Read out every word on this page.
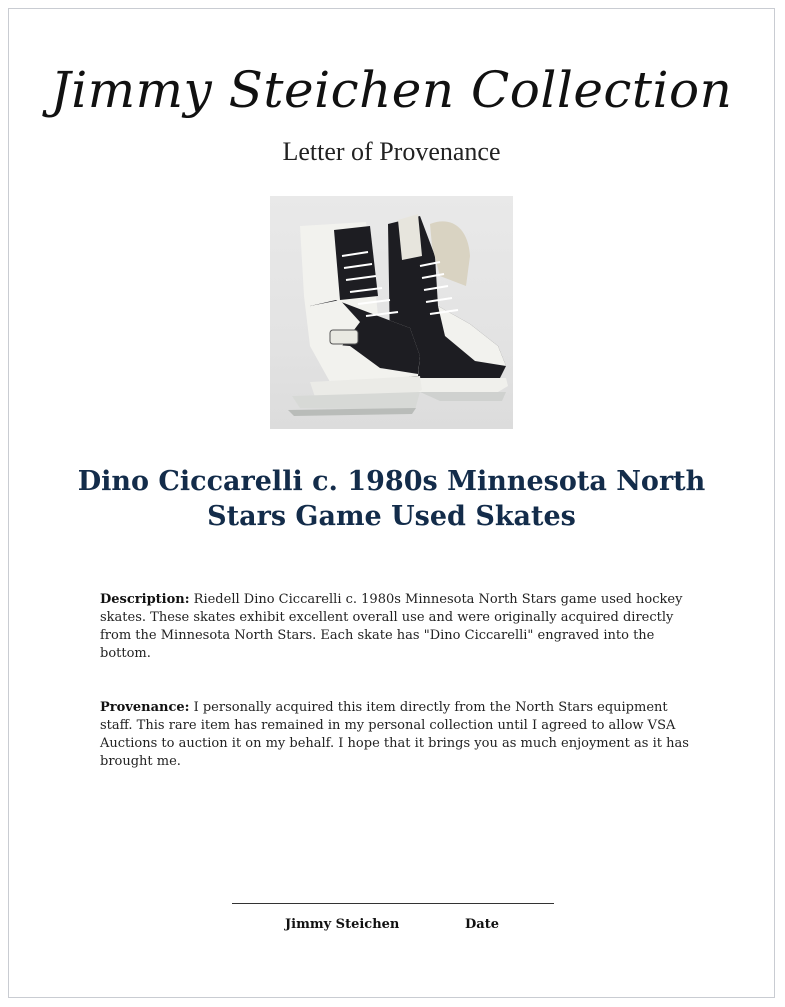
Jimmy Steichen Collection
Letter of Provenance
Dino Ciccarelli c. 1980s Minnesota North Stars Game Used Skates

Description: Riedell Dino Ciccarelli c. 1980s Minnesota North Stars game used hockey skates. These skates exhibit excellent overall use and were originally acquired directly from the Minnesota North Stars. Each skate has "Dino Ciccarelli" engraved into the bottom.

Provenance: I personally acquired this item directly from the North Stars equipment staff. This rare item has remained in my personal collection until I agreed to allow VSA Auctions to auction it on my behalf. I hope that it brings you as much enjoyment as it has brought me.

Jimmy Steichen	Date
